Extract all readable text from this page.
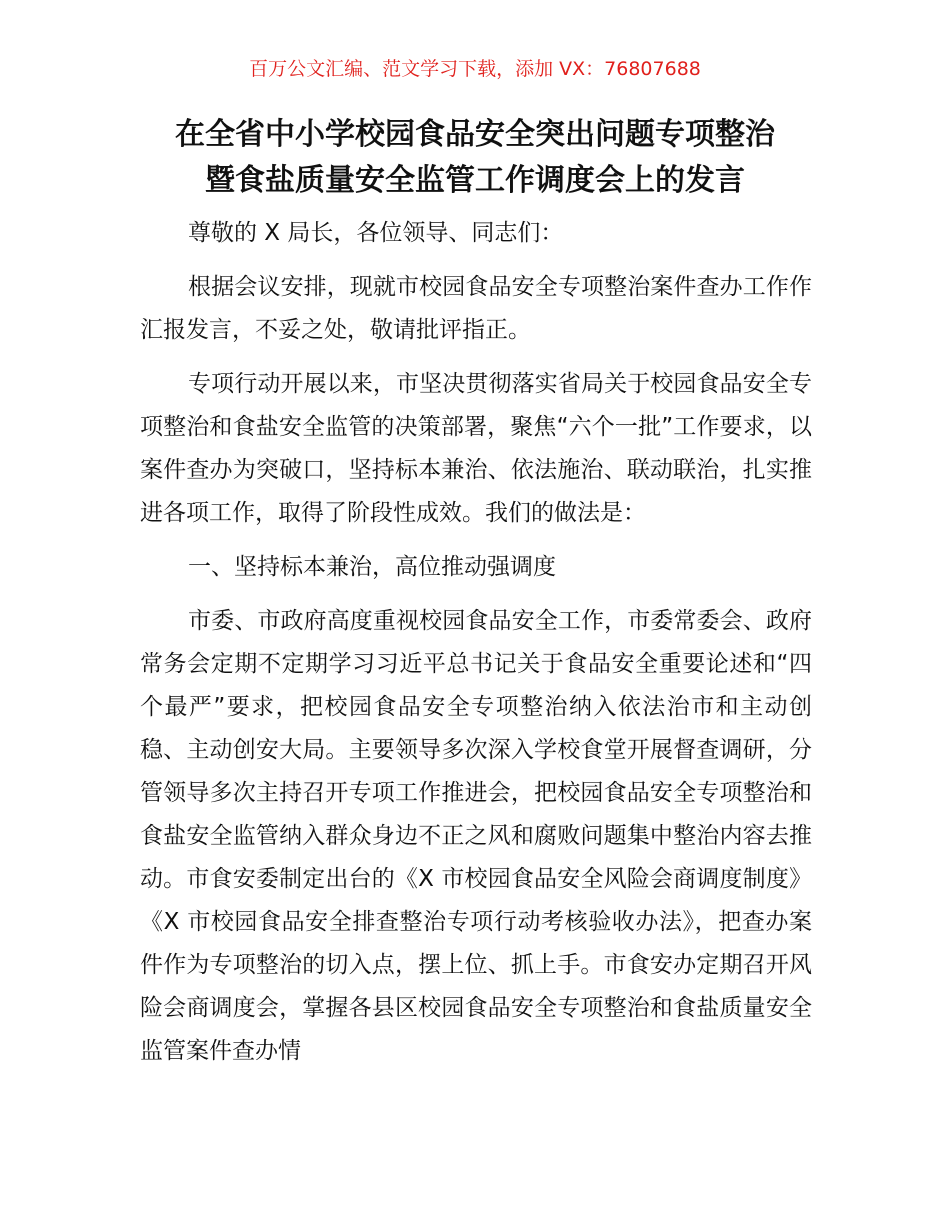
百万公文汇编、范文学习下载，添加 VX：76807688
在全省中小学校园食品安全突出问题专项整治
暨食盐质量安全监管工作调度会上的发言

尊敬的 X 局长，各位领导、同志们：

根据会议安排，现就市校园食品安全专项整治案件查办工作作汇报发言，不妥之处，敬请批评指正。

专项行动开展以来，市坚决贯彻落实省局关于校园食品安全专项整治和食盐安全监管的决策部署，聚焦“六个一批”工作要求，以案件查办为突破口，坚持标本兼治、依法施治、联动联治，扎实推进各项工作，取得了阶段性成效。我们的做法是：

一、坚持标本兼治，高位推动强调度

市委、市政府高度重视校园食品安全工作，市委常委会、政府常务会定期不定期学习习近平总书记关于食品安全重要论述和“四个最严”要求，把校园食品安全专项整治纳入依法治市和主动创稳、主动创安大局。主要领导多次深入学校食堂开展督查调研，分管领导多次主持召开专项工作推进会，把校园食品安全专项整治和食盐安全监管纳入群众身边不正之风和腐败问题集中整治内容去推动。市食安委制定出台的《X 市校园食品安全风险会商调度制度》《X 市校园食品安全排查整治专项行动考核验收办法》，把查办案件作为专项整治的切入点，摆上位、抓上手。市食安办定期召开风险会商调度会，掌握各县区校园食品安全专项整治和食盐质量安全监管案件查办情
